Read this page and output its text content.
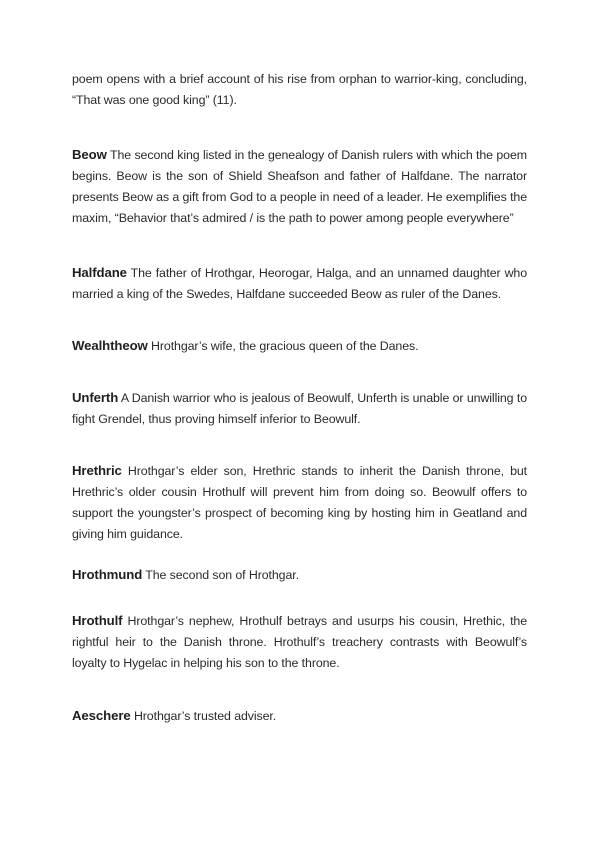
poem opens with a brief account of his rise from orphan to warrior-king, concluding, “That was one good king” (11).

Beow The second king listed in the genealogy of Danish rulers with which the poem begins. Beow is the son of Shield Sheafson and father of Halfdane. The narrator presents Beow as a gift from God to a people in need of a leader. He exemplifies the maxim, “Behavior that’s admired / is the path to power among people everywhere”

Halfdane The father of Hrothgar, Heorogar, Halga, and an unnamed daughter who married a king of the Swedes, Halfdane succeeded Beow as ruler of the Danes.

Wealhtheow Hrothgar’s wife, the gracious queen of the Danes.

Unferth A Danish warrior who is jealous of Beowulf, Unferth is unable or unwilling to fight Grendel, thus proving himself inferior to Beowulf.

Hrethric Hrothgar’s elder son, Hrethric stands to inherit the Danish throne, but Hrethric’s older cousin Hrothulf will prevent him from doing so. Beowulf offers to support the youngster’s prospect of becoming king by hosting him in Geatland and giving him guidance.

Hrothmund The second son of Hrothgar.

Hrothulf Hrothgar’s nephew, Hrothulf betrays and usurps his cousin, Hrethic, the rightful heir to the Danish throne. Hrothulf’s treachery contrasts with Beowulf’s loyalty to Hygelac in helping his son to the throne.

Aeschere Hrothgar’s trusted adviser.
